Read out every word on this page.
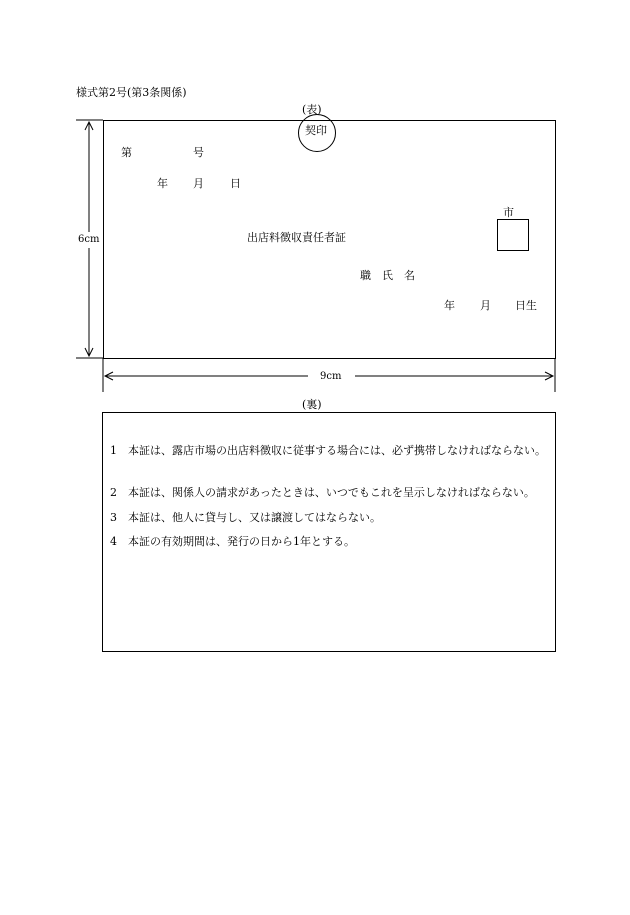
様式第2号(第3条関係)
(表)
6cm
9cm
契印
第	号
年 月 日
市
出店料徴収責任者証
職　氏　名
年 月 日生
(裏)
1　本証は、露店市場の出店料徴収に従事する場合には、必ず携帯しなければならない。
2　本証は、関係人の請求があったときは、いつでもこれを呈示しなければならない。
3　本証は、他人に貸与し、又は譲渡してはならない。
4　本証の有効期間は、発行の日から1年とする。
